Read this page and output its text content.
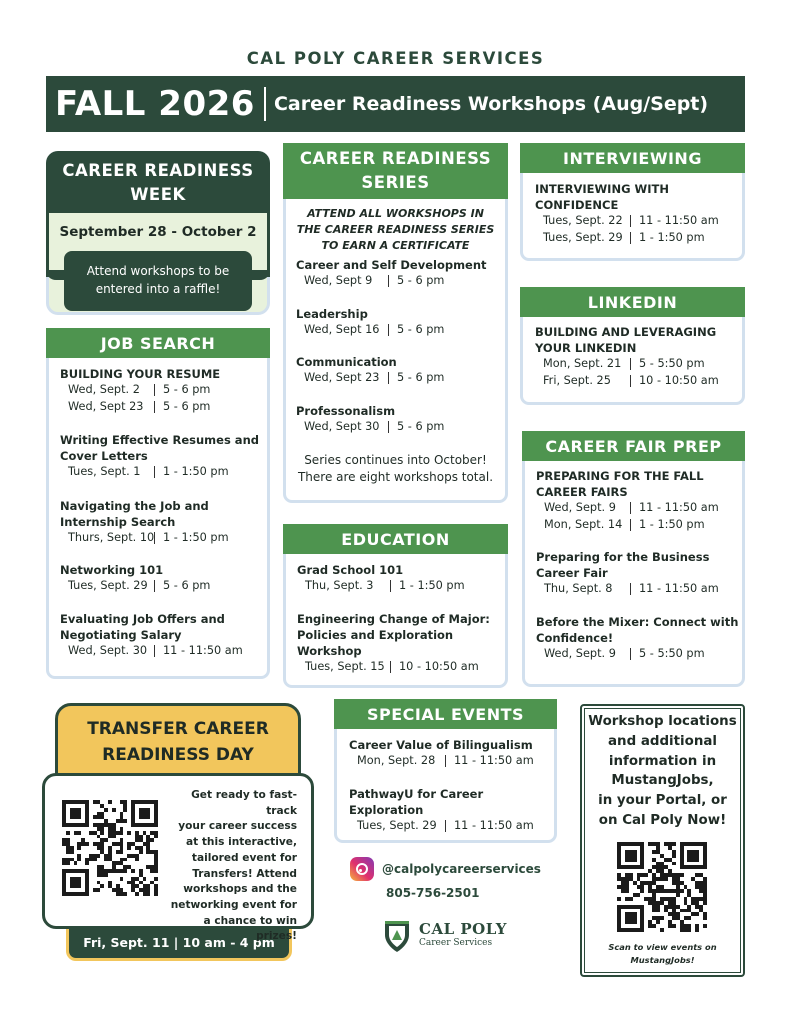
CAL POLY CAREER SERVICES
FALL 2026 Career Readiness Workshops (Aug/Sept)
CAREER READINESS
WEEK
September 28 - October 2
Attend workshops to be
entered into a raffle!
JOB SEARCH
BUILDING YOUR RESUME
Wed, Sept. 2	5 - 6 pm
Wed, Sept 23 5 - 6 pm
Writing Effective Resumes and
Cover Letters
Tues, Sept. 1	1 - 1:50 pm
Navigating the Job and
Internship Search
Thurs, Sept. 10 1 - 1:50 pm
Networking 101
Tues, Sept. 29 5 - 6 pm
Evaluating Job Offers and
Negotiating Salary
Wed, Sept. 30 11 - 11:50 am
CAREER READINESS
SERIES
ATTEND ALL WORKSHOPS IN
THE CAREER READINESS SERIES
TO EARN A CERTIFICATE
Career and Self Development
Wed, Sept 9	5 - 6 pm
Leadership
Wed, Sept 16 5 - 6 pm
Communication
Wed, Sept 23 5 - 6 pm
Professonalism
Wed, Sept 30 5 - 6 pm
Series continues into October!
There are eight workshops total.
EDUCATION
Grad School 101
Thu, Sept. 3	1 - 1:50 pm
Engineering Change of Major:
Policies and Exploration
Workshop
Tues, Sept. 15 10 - 10:50 am
INTERVIEWING
INTERVIEWING WITH
CONFIDENCE
Tues, Sept. 22 11 - 11:50 am
Tues, Sept. 29 1 - 1:50 pm
LINKEDIN
BUILDING AND LEVERAGING
YOUR LINKEDIN
Mon, Sept. 21 5 - 5:50 pm
Fri, Sept. 25	10 - 10:50 am
CAREER FAIR PREP
PREPARING FOR THE FALL
CAREER FAIRS
Wed, Sept. 9	11 - 11:50 am
Mon, Sept. 14 1 - 1:50 pm
Preparing for the Business
Career Fair
Thu, Sept. 8	11 - 11:50 am
Before the Mixer: Connect with
Confidence!
Wed, Sept. 9	5 - 5:50 pm
Fri, Sept. 11 | 10 am - 4 pm
TRANSFER CAREER
READINESS DAY
Get ready to fast-track
your career success
at this interactive,
tailored event for
Transfers! Attend
workshops and the
networking event for
a chance to win prizes!
SPECIAL EVENTS
Career Value of Bilingualism
Mon, Sept. 28 11 - 11:50 am
PathwayU for Career
Exploration
Tues, Sept. 29 11 - 11:50 am
@calpolycareerservices
805-756-2501
CAL POLY
Career Services
Workshop locations
and additional
information in
MustangJobs,
in your Portal, or
on Cal Poly Now!
Scan to view events on
MustangJobs!
